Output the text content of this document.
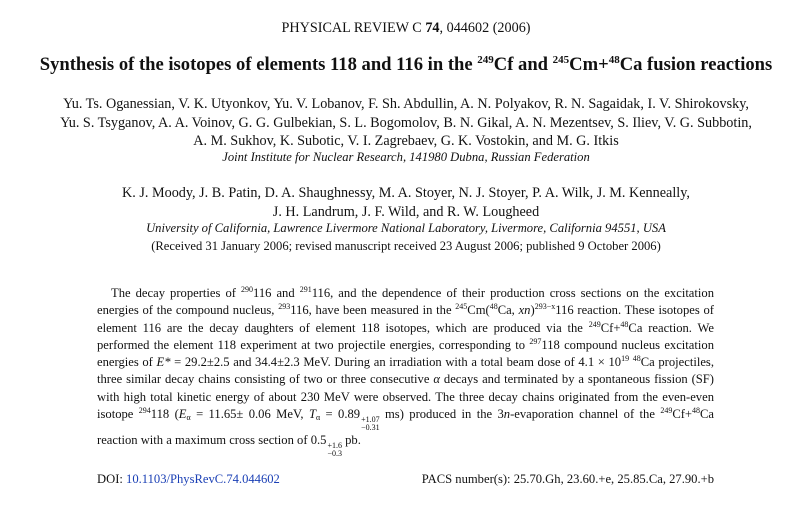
PHYSICAL REVIEW C 74, 044602 (2006)
Synthesis of the isotopes of elements 118 and 116 in the $^{249}$Cf and $^{245}$Cm+$^{48}$Ca fusion reactions
Yu. Ts. Oganessian, V. K. Utyonkov, Yu. V. Lobanov, F. Sh. Abdullin, A. N. Polyakov, R. N. Sagaidak, I. V. Shirokovsky,
Yu. S. Tsyganov, A. A. Voinov, G. G. Gulbekian, S. L. Bogomolov, B. N. Gikal, A. N. Mezentsev, S. Iliev, V. G. Subbotin,
A. M. Sukhov, K. Subotic, V. I. Zagrebaev, G. K. Vostokin, and M. G. Itkis
Joint Institute for Nuclear Research, 141980 Dubna, Russian Federation
K. J. Moody, J. B. Patin, D. A. Shaughnessy, M. A. Stoyer, N. J. Stoyer, P. A. Wilk, J. M. Kenneally,
J. H. Landrum, J. F. Wild, and R. W. Lougheed
University of California, Lawrence Livermore National Laboratory, Livermore, California 94551, USA
(Received 31 January 2006; revised manuscript received 23 August 2006; published 9 October 2006)
The decay properties of $^{290}$116 and $^{291}$116, and the dependence of their production cross sections on the excitation energies of the compound nucleus, $^{293}$116, have been measured in the $^{245}$Cm($^{48}$Ca, xn)$^{293-x}$116 reaction. These isotopes of element 116 are the decay daughters of element 118 isotopes, which are produced via the $^{249}$Cf+$^{48}$Ca reaction. We performed the element 118 experiment at two projectile energies, corresponding to $^{297}$118 compound nucleus excitation energies of E* = 29.2±2.5 and 34.4±2.3 MeV. During an irradiation with a total beam dose of $4.1 \times 10^{19}$ $^{48}$Ca projectiles, three similar decay chains consisting of two or three consecutive α decays and terminated by a spontaneous fission (SF) with high total kinetic energy of about 230 MeV were observed. The three decay chains originated from the even-even isotope $^{294}$118 ($E_\alpha = 11.65\pm 0.06$ MeV, $T_\alpha = 0.89 +1.07$
−0.31
ms) produced in the 3n-evaporation channel of the $^{249}$Cf+$^{48}$Ca reaction with a maximum cross section of 0.5 +1.6
−0.3
pb.
DOI: 10.1103/PhysRevC.74.044602	PACS number(s): 25.70.Gh, 23.60.+e, 25.85.Ca, 27.90.+b
